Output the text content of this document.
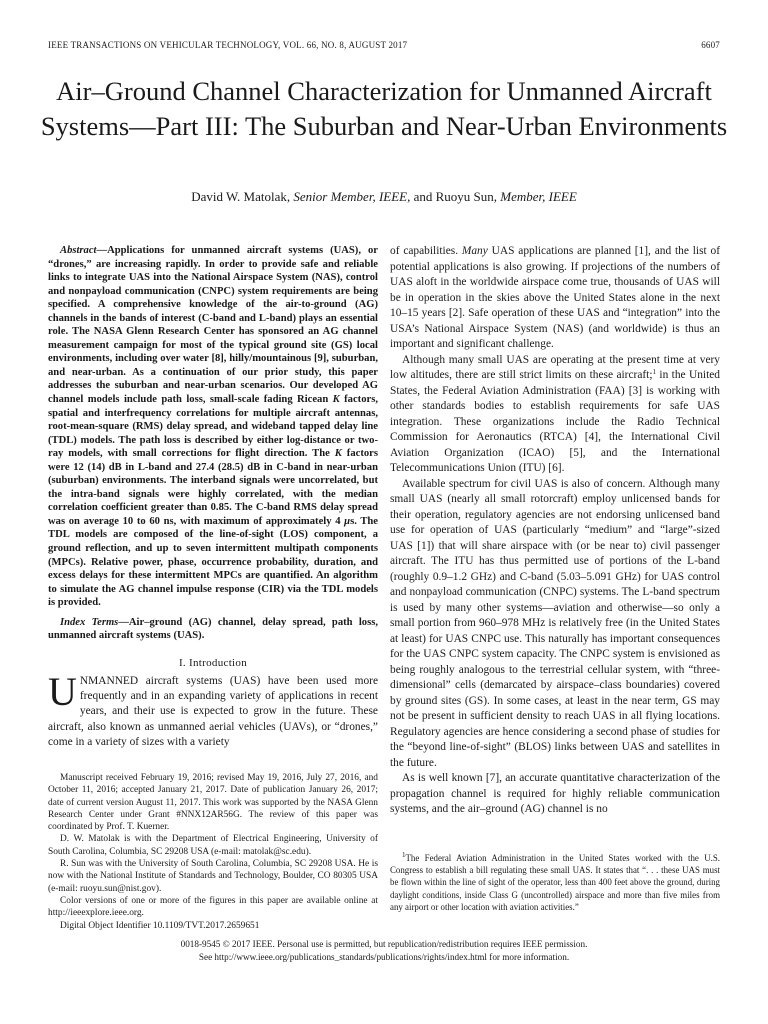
IEEE TRANSACTIONS ON VEHICULAR TECHNOLOGY, VOL. 66, NO. 8, AUGUST 2017	6607
Air–Ground Channel Characterization for Unmanned Aircraft Systems—Part III: The Suburban and Near-Urban Environments
David W. Matolak, Senior Member, IEEE, and Ruoyu Sun, Member, IEEE

Abstract—Applications for unmanned aircraft systems (UAS), or “drones,” are increasing rapidly. In order to provide safe and reliable links to integrate UAS into the National Airspace System (NAS), control and nonpayload communication (CNPC) system requirements are being specified. A comprehensive knowledge of the air-to-ground (AG) channels in the bands of interest (C-band and L-band) plays an essential role. The NASA Glenn Research Center has sponsored an AG channel measurement campaign for most of the typical ground site (GS) local environments, including over water [8], hilly/mountainous [9], suburban, and near-urban. As a continuation of our prior study, this paper addresses the suburban and near-urban scenarios. Our developed AG channel models include path loss, small-scale fading Ricean K factors, spatial and interfrequency correlations for multiple aircraft antennas, root-mean-square (RMS) delay spread, and wideband tapped delay line (TDL) models. The path loss is described by either log-distance or two-ray models, with small corrections for flight direction. The K factors were 12 (14) dB in L-band and 27.4 (28.5) dB in C-band in near-urban (suburban) environments. The interband signals were uncorrelated, but the intra-band signals were highly correlated, with the median correlation coefficient greater than 0.85. The C-band RMS delay spread was on average 10 to 60 ns, with maximum of approximately 4 μs. The TDL models are composed of the line-of-sight (LOS) component, a ground reflection, and up to seven intermittent multipath components (MPCs). Relative power, phase, occurrence probability, duration, and excess delays for these intermittent MPCs are quantified. An algorithm to simulate the AG channel impulse response (CIR) via the TDL models is provided.

Index Terms—Air–ground (AG) channel, delay spread, path loss, unmanned aircraft systems (UAS).

I. Introduction

UNMANNED aircraft systems (UAS) have been used more frequently and in an expanding variety of applications in recent years, and their use is expected to grow in the future. These aircraft, also known as unmanned aerial vehicles (UAVs), or “drones,” come in a variety of sizes with a variety

Manuscript received February 19, 2016; revised May 19, 2016, July 27, 2016, and October 11, 2016; accepted January 21, 2017. Date of publication January 26, 2017; date of current version August 11, 2017. This work was supported by the NASA Glenn Research Center under Grant #NNX12AR56G. The review of this paper was coordinated by Prof. T. Kuerner.

D. W. Matolak is with the Department of Electrical Engineering, University of South Carolina, Columbia, SC 29208 USA (e-mail: matolak@sc.edu).

R. Sun was with the University of South Carolina, Columbia, SC 29208 USA. He is now with the National Institute of Standards and Technology, Boulder, CO 80305 USA (e-mail: ruoyu.sun@nist.gov).

Color versions of one or more of the figures in this paper are available online at http://ieeexplore.ieee.org.

Digital Object Identifier 10.1109/TVT.2017.2659651

of capabilities. Many UAS applications are planned [1], and the list of potential applications is also growing. If projections of the numbers of UAS aloft in the worldwide airspace come true, thousands of UAS will be in operation in the skies above the United States alone in the next 10–15 years [2]. Safe operation of these UAS and “integration” into the USA’s National Airspace System (NAS) (and worldwide) is thus an important and significant challenge.

Although many small UAS are operating at the present time at very low altitudes, there are still strict limits on these aircraft;$^1$ in the United States, the Federal Aviation Administration (FAA) [3] is working with other standards bodies to establish requirements for safe UAS integration. These organizations include the Radio Technical Commission for Aeronautics (RTCA) [4], the International Civil Aviation Organization (ICAO) [5], and the International Telecommunications Union (ITU) [6].

Available spectrum for civil UAS is also of concern. Although many small UAS (nearly all small rotorcraft) employ unlicensed bands for their operation, regulatory agencies are not endorsing unlicensed band use for operation of UAS (particularly “medium” and “large”-sized UAS [1]) that will share airspace with (or be near to) civil passenger aircraft. The ITU has thus permitted use of portions of the L-band (roughly 0.9–1.2 GHz) and C-band (5.03–5.091 GHz) for UAS control and nonpayload communication (CNPC) systems. The L-band spectrum is used by many other systems—aviation and otherwise—so only a small portion from 960–978 MHz is relatively free (in the United States at least) for UAS CNPC use. This naturally has important consequences for the UAS CNPC system capacity. The CNPC system is envisioned as being roughly analogous to the terrestrial cellular system, with “three-dimensional” cells (demarcated by airspace–class boundaries) covered by ground sites (GS). In some cases, at least in the near term, GS may not be present in sufficient density to reach UAS in all flying locations. Regulatory agencies are hence considering a second phase of studies for the “beyond line-of-sight” (BLOS) links between UAS and satellites in the future.

As is well known [7], an accurate quantitative characterization of the propagation channel is required for highly reliable communication systems, and the air–ground (AG) channel is no

$^1$The Federal Aviation Administration in the United States worked with the U.S. Congress to establish a bill regulating these small UAS. It states that “. . . these UAS must be flown within the line of sight of the operator, less than 400 feet above the ground, during daylight conditions, inside Class G (uncontrolled) airspace and more than five miles from any airport or other location with aviation activities.”

0018-9545 © 2017 IEEE. Personal use is permitted, but republication/redistribution requires IEEE permission.
See http://www.ieee.org/publications_standards/publications/rights/index.html for more information.
